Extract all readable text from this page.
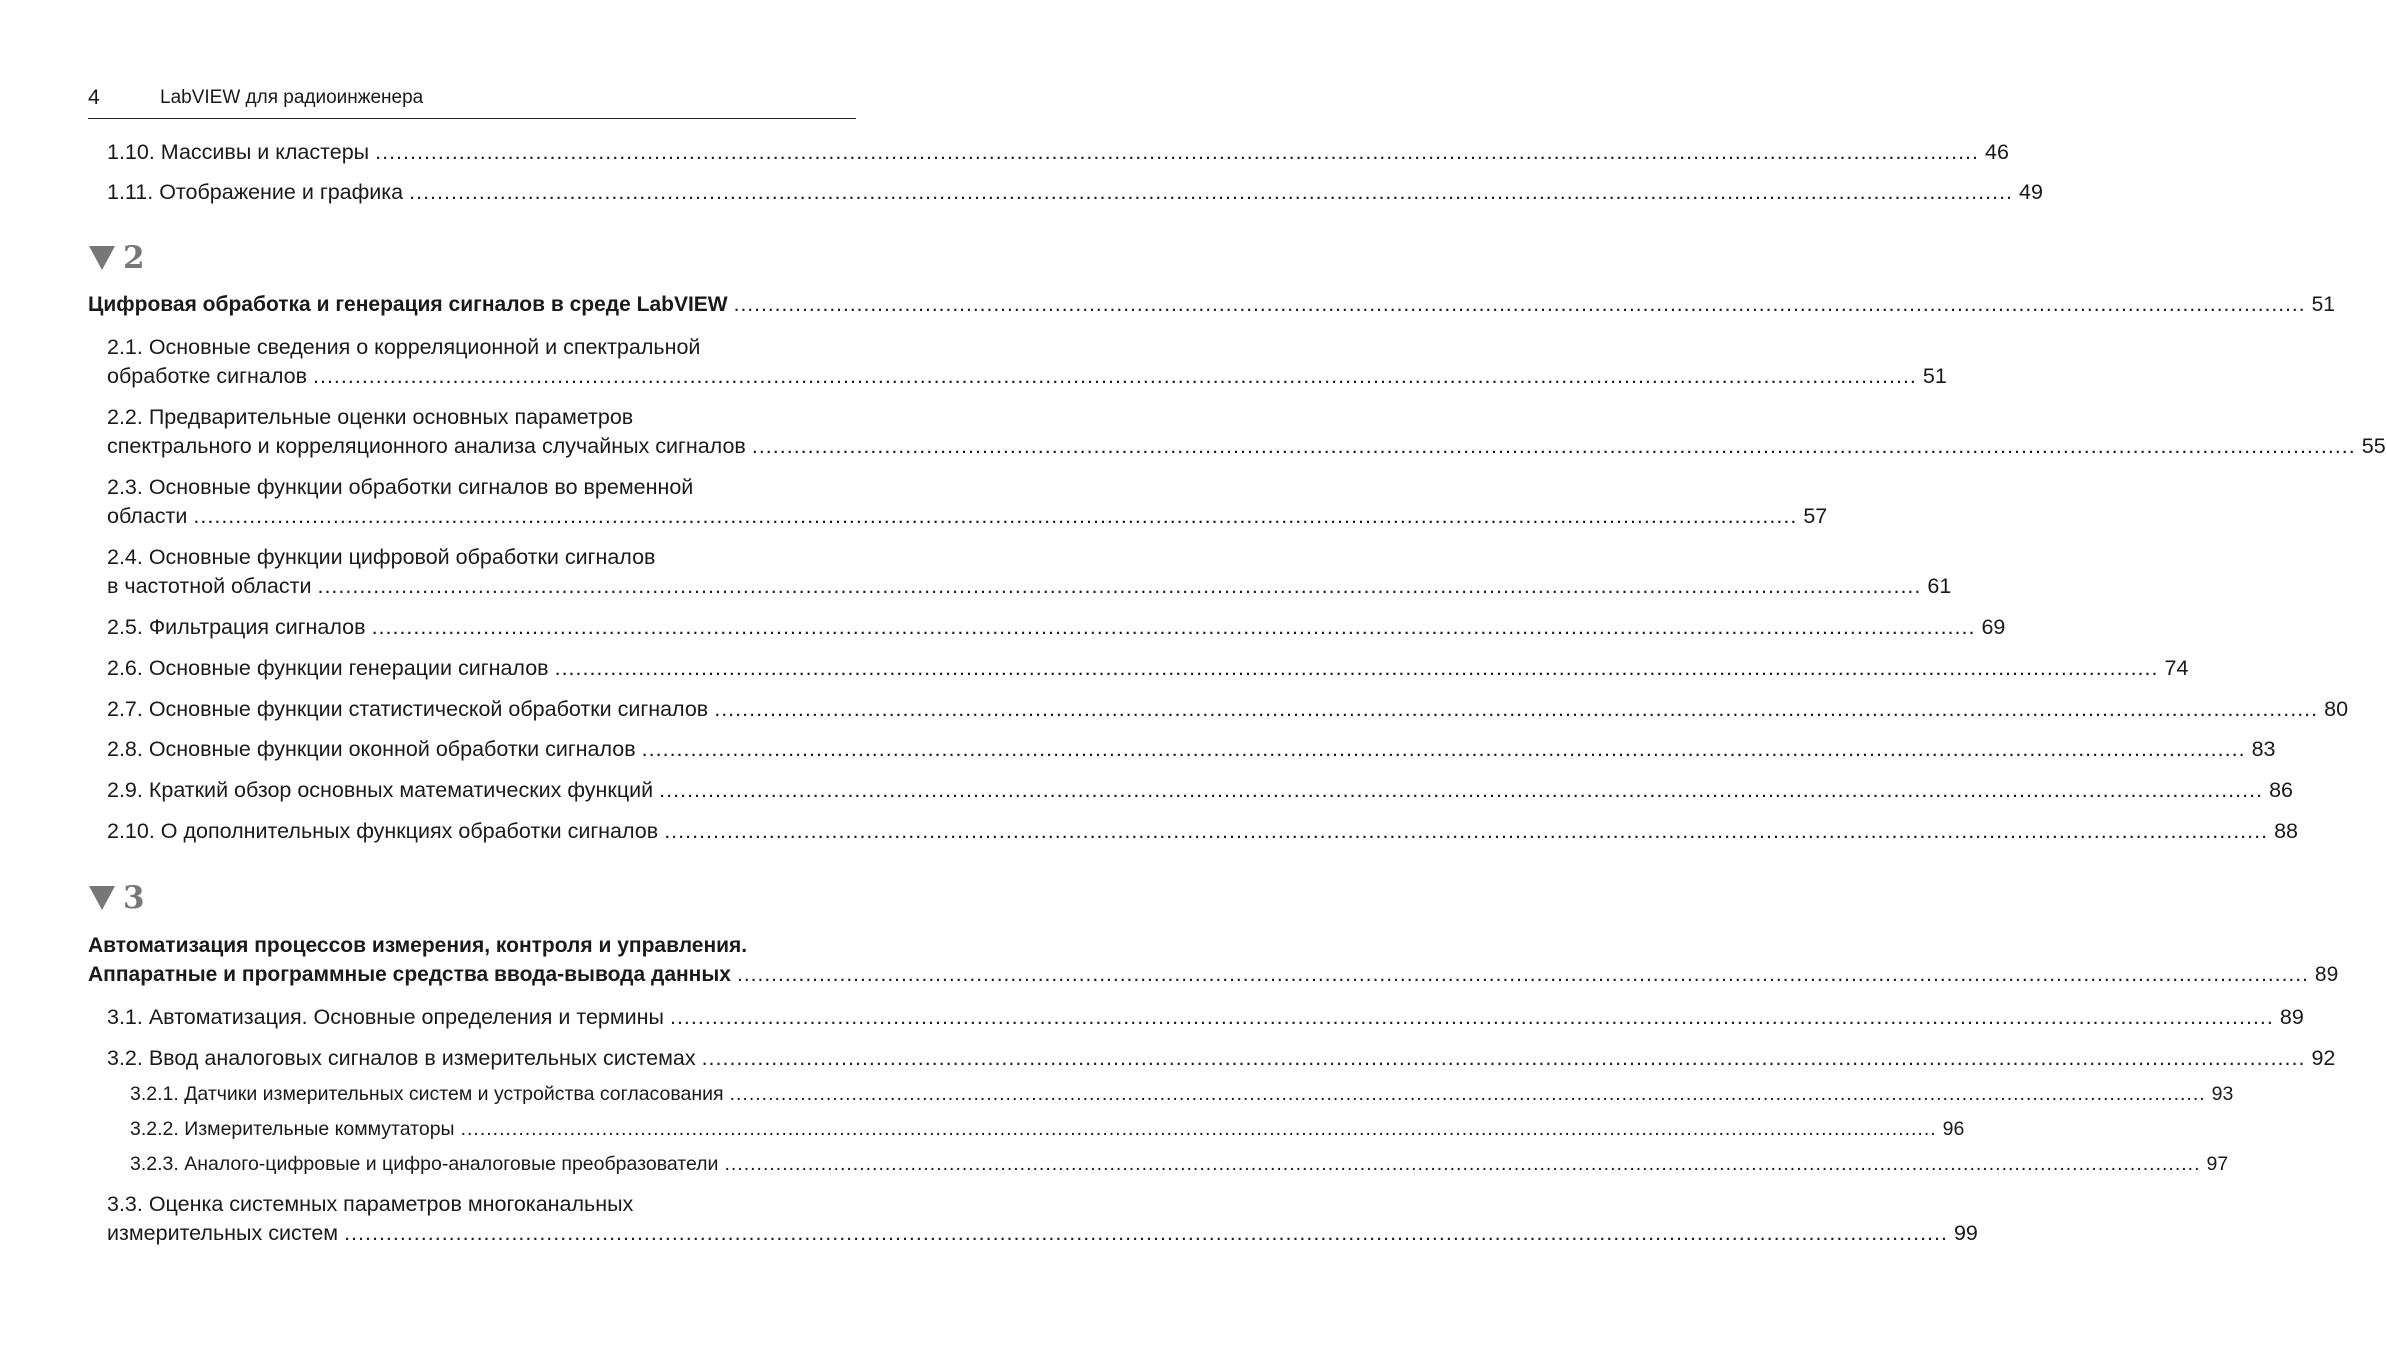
4	LabVIEW для радиоинженера
1.10. Массивы и кластеры .....	46
1.11. Отображение и графика .....	49
2
Цифровая обработка и генерация сигналов в среде LabVIEW .....	51
2.1. Основные сведения о корреляционной и спектральной
обработке сигналов .....	51
2.2. Предварительные оценки основных параметров
спектрального и корреляционного анализа случайных сигналов .....	55
2.3. Основные функции обработки сигналов во временной
области .....	57
2.4. Основные функции цифровой обработки сигналов
в частотной области .....	61
2.5. Фильтрация сигналов .....	69
2.6. Основные функции генерации сигналов .....	74
2.7. Основные функции статистической обработки сигналов .....	80
2.8. Основные функции оконной обработки сигналов .....	83
2.9. Краткий обзор основных математических функций .....	86
2.10. О дополнительных функциях обработки сигналов .....	88
3
Автоматизация процессов измерения, контроля и управления.
Аппаратные и программные средства ввода-вывода данных .....	89
3.1. Автоматизация. Основные определения и термины .....	89
3.2. Ввод аналоговых сигналов в измерительных системах .....	92
3.2.1. Датчики измерительных систем и устройства согласования .....	93
3.2.2. Измерительные коммутаторы .....	96
3.2.3. Аналого-цифровые и цифро-аналоговые преобразователи .....	97
3.3. Оценка системных параметров многоканальных
измерительных систем .....	99
